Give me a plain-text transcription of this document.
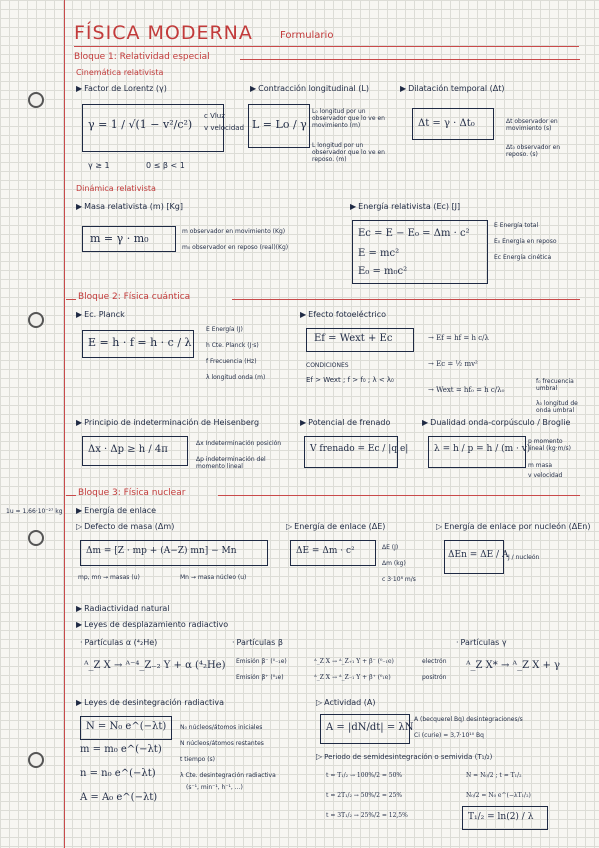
FÍSICA MODERNA	Formulario
Bloque 1: Relatividad especial
Cinemática relativista
▶ Factor de Lorentz (γ)
γ = 1 / √(1 − v²/c²)
c Vluz
v velocidad
γ ≥ 1	0 ≤ β < 1
▶ Contracción longitudinal (L)
L = Lo / γ
L₀ longitud por un observador que lo ve en movimiento (m)
L longitud por un observador que lo ve en reposo. (m)
▶ Dilatación temporal (Δt)
Δt = γ · Δt₀	Δt observador en movimiento (s)
Δt₀ observador en reposo. (s)
Dinámica relativista
▶ Masa relativista (m) [Kg]
m = γ · m₀
m observador en movimiento (Kg)
m₀ observador en reposo (real)(Kg)
▶ Energía relativista (Ec) [J]
Ec = E − E₀ = Δm · c²
E = mc²
E₀ = m₀c²
E Energía total
E₀ Energía en reposo
Ec Energía cinética
Bloque 2: Física cuántica
▶ Ec. Planck
E = h · f = h · c / λ
E Energía (J)
h Cte. Planck (J·s)
f Frecuencia (Hz)
λ longitud onda (m)
▶ Efecto fotoeléctrico
Ef = Wext + Ec
CONDICIONES
Ef > Wext ; f > f₀ ; λ < λ₀
→ Ef = hf = h c/λ
→ Ec = ½ mv²
→ Wext = hf₀ = h c/λ₀
f₀ frecuencia umbral
λ₀ longitud de onda umbral
▶ Principio de indeterminación de Heisenberg
Δx · Δp ≥ h / 4π
Δx Indeterminación posición
Δp indeterminación del momento lineal
▶ Potencial de frenado
V frenado = Ec / |q e|
▶ Dualidad onda-corpúsculo / Broglie
λ = h / p = h / (m · v)
p momento lineal (kg·m/s)
m masa
v velocidad
1u = 1,66·10⁻²⁷ kg
Bloque 3: Física nuclear
▶ Energía de enlace
▷ Defecto de masa (Δm)
Δm = [Z · mp + (A−Z) mn] − Mn
mp, mn → masas (u)	Mn → masa núcleo (u)
▷ Energía de enlace (ΔE)
ΔE = Δm · c²	ΔE (J)
Δm (kg)
c 3·10⁸ m/s
▷ Energía de enlace por nucleón (ΔEn)
ΔEn = ΔE / A J / nucleón
▶ Radiactividad natural
▶ Leyes de desplazamiento radiactivo
· Partículas α (⁴₂He)
ᴬ_Z X → ᴬ⁻⁴_Z₋₂ Y + α (⁴₂He)
· Partículas β
Emisión β⁻ (⁰₋₁e)	ᴬ_Z X → ᴬ_Z₊₁ Y + β⁻ (⁰₋₁e)	electrón
Emisión β⁺ (⁰₁e)	ᴬ_Z X → ᴬ_Z₋₁ Y + β⁺ (⁰₁e)	positrón
· Partículas γ
ᴬ_Z X* → ᴬ_Z X + γ
▶ Leyes de desintegración radiactiva
N = N₀ e^(−λt)
m = m₀ e^(−λt)
n = n₀ e^(−λt)
A = A₀ e^(−λt)
N₀ núcleos/átomos iniciales
N núcleos/átomos restantes
t tiempo (s)
λ Cte. desintegración radiactiva
(s⁻¹, min⁻¹, h⁻¹, ...)
▷ Actividad (A)
A = |dN/dt| = λN
A (becquerel Bq) desintegraciones/s
Ci (curie) = 3,7·10¹⁰ Bq
▷ Periodo de semidesintegración o semivida (T₁/₂)
t = T₁/₂ → 100%/2 = 50%
t = 2T₁/₂ → 50%/2 = 25%
t = 3T₁/₂ → 25%/2 = 12,5%
N = N₀/2 ; t = T₁/₂
N₀/2 = N₀ e^(−λT₁/₂)
T₁/₂ = ln(2) / λ
